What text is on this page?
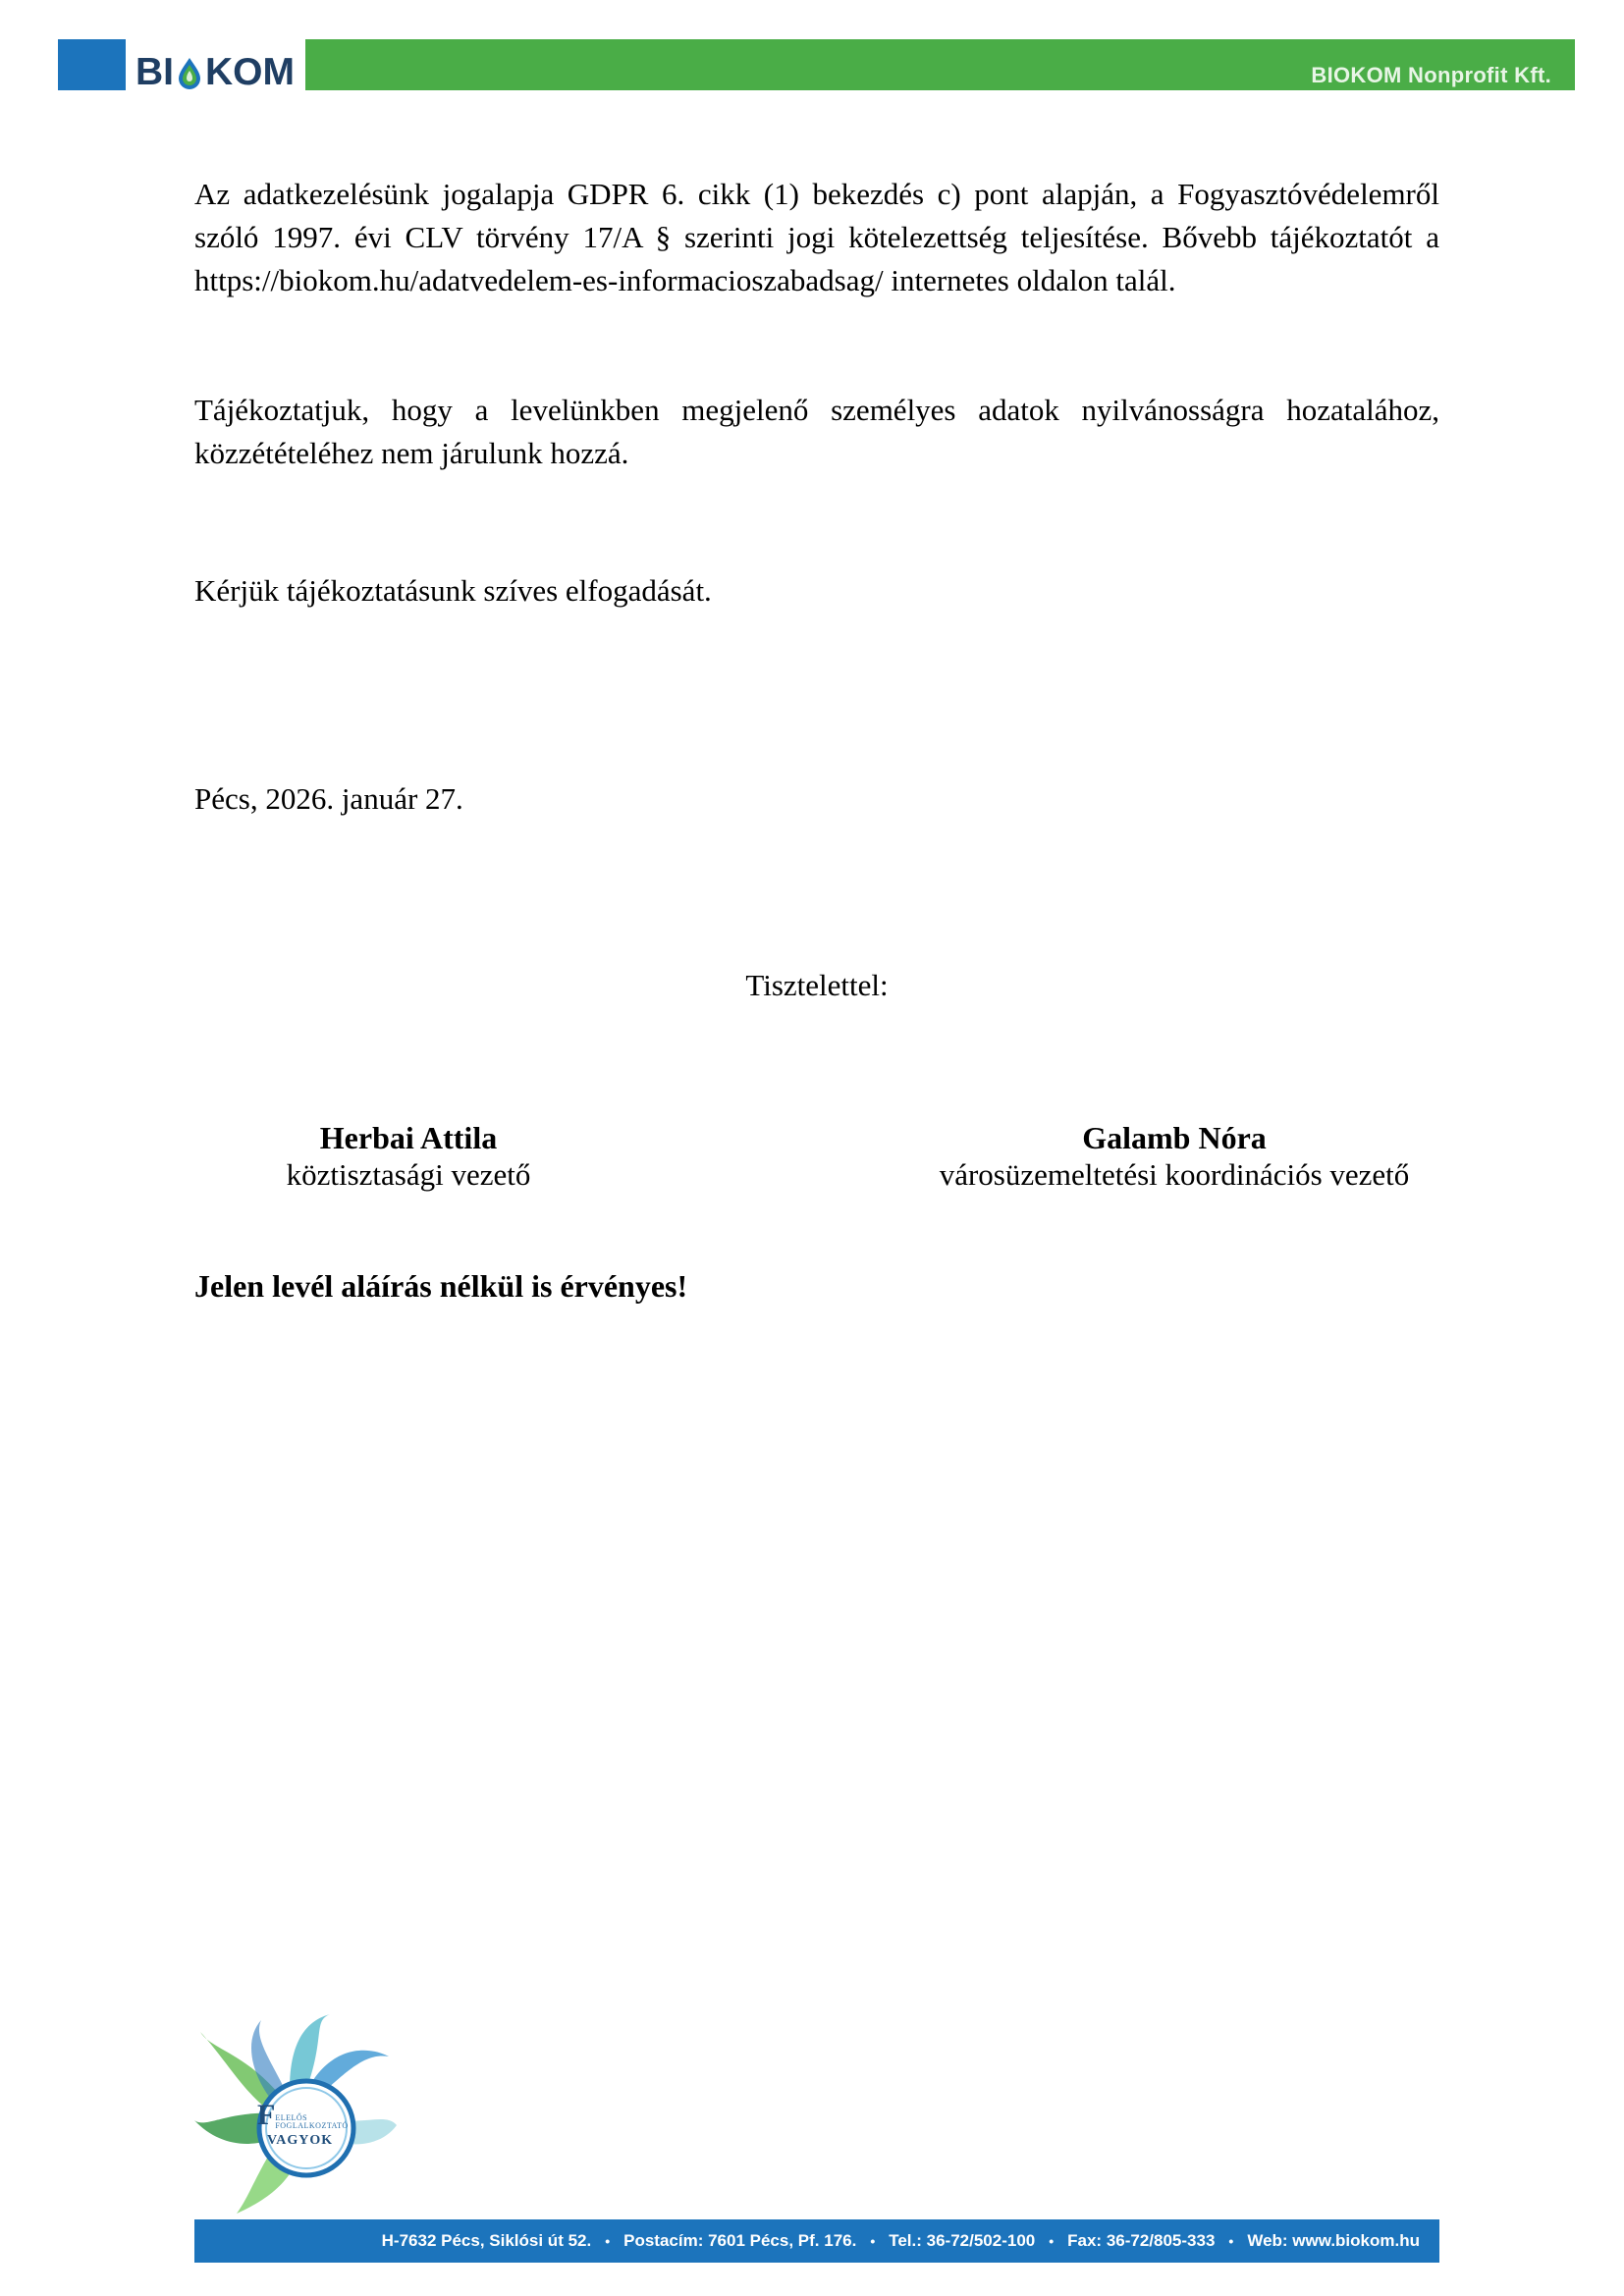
BI KOM	BIOKOM Nonprofit Kft.

Az adatkezelésünk jogalapja GDPR 6. cikk (1) bekezdés c) pont alapján, a Fogyasztóvédelemről szóló 1997. évi CLV törvény 17/A § szerinti jogi kötelezettség teljesítése. Bővebb tájékoztatót a https://biokom.hu/adatvedelem-es-informacioszabadsag/ internetes oldalon talál.

Tájékoztatjuk, hogy a levelünkben megjelenő személyes adatok nyilvánosságra hozatalához, közzétételéhez nem járulunk hozzá.

Kérjük tájékoztatásunk szíves elfogadását.
Pécs, 2026. január 27.
Tisztelettel:
Herbai Attila
köztisztasági vezető
Galamb Nóra
városüzemeltetési koordinációs vezető
Jelen levél aláírás nélkül is érvényes!
F ELELŐS
FOGLALKOZTATÓ
VAGYOK
H-7632 Pécs, Siklósi út 52. • Postacím: 7601 Pécs, Pf. 176. • Tel.: 36-72/502-100 • Fax: 36-72/805-333 • Web: www.biokom.hu
